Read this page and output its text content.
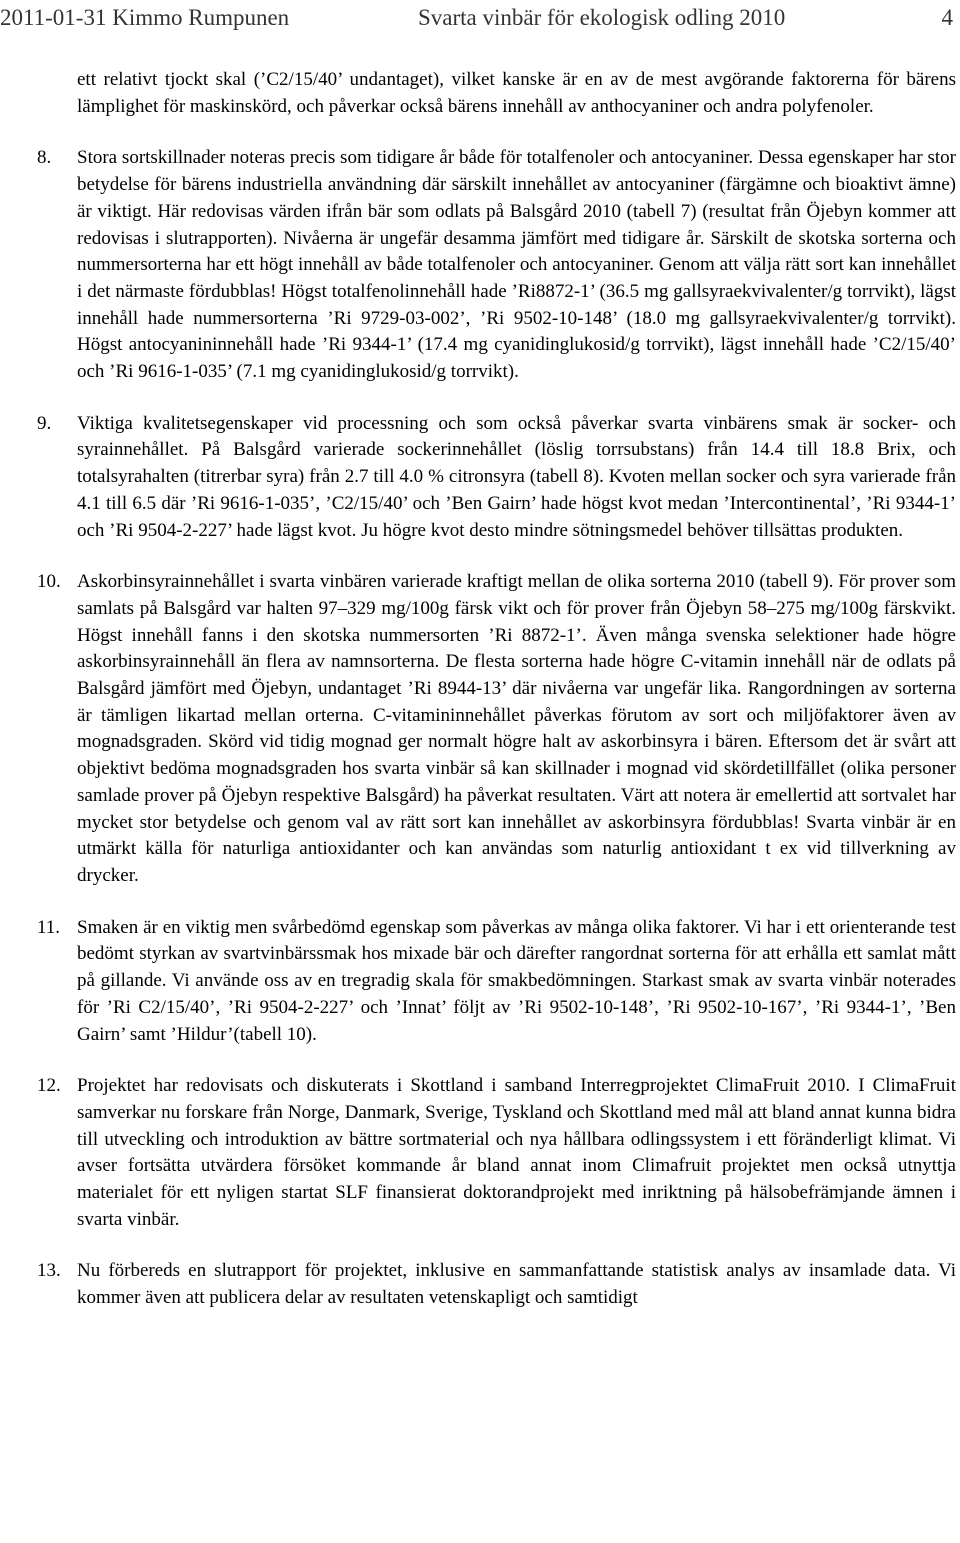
2011-01-31 Kimmo Rumpunen	Svarta vinbär för ekologisk odling 2010	4

ett relativt tjockt skal (’C2/15/40’ undantaget), vilket kanske är en av de mest avgörande faktorerna för bärens lämplighet för maskinskörd, och påverkar också bärens innehåll av anthocyaniner och andra polyfenoler.

8.	Stora sortskillnader noteras precis som tidigare år både för totalfenoler och antocyaniner. Dessa egenskaper har stor betydelse för bärens industriella användning där särskilt innehållet av antocyaniner (färgämne och bioaktivt ämne) är viktigt. Här redovisas värden ifrån bär som odlats på Balsgård 2010 (tabell 7) (resultat från Öjebyn kommer att redovisas i slutrapporten). Nivåerna är ungefär desamma jämfört med tidigare år. Särskilt de skotska sorterna och nummersorterna har ett högt innehåll av både totalfenoler och antocyaniner. Genom att välja rätt sort kan innehållet i det närmaste fördubblas! Högst totalfenolinnehåll hade ’Ri8872-1’ (36.5 mg gallsyraekvivalenter/g torrvikt), lägst innehåll hade nummersorterna ’Ri 9729-03-002’, ’Ri 9502-10-148’ (18.0 mg gallsyraekvivalenter/g torrvikt). Högst antocyanininnehåll hade ’Ri 9344-1’ (17.4 mg cyanidinglukosid/g torrvikt), lägst innehåll hade ’C2/15/40’ och ’Ri 9616-1-035’ (7.1 mg cyanidinglukosid/g torrvikt).

9.	Viktiga kvalitetsegenskaper vid processning och som också påverkar svarta vinbärens smak är socker- och syrainnehållet. På Balsgård varierade sockerinnehållet (löslig torrsubstans) från 14.4 till 18.8 Brix, och totalsyrahalten (titrerbar syra) från 2.7 till 4.0 % citronsyra (tabell 8). Kvoten mellan socker och syra varierade från 4.1 till 6.5 där ’Ri 9616-1-035’, ’C2/15/40’ och ’Ben Gairn’ hade högst kvot medan ’Intercontinental’, ’Ri 9344-1’ och ’Ri 9504-2-227’ hade lägst kvot. Ju högre kvot desto mindre sötningsmedel behöver tillsättas produkten.

10. Askorbinsyrainnehållet i svarta vinbären varierade kraftigt mellan de olika sorterna 2010 (tabell 9). För prover som samlats på Balsgård var halten 97–329 mg/100g färsk vikt och för prover från Öjebyn 58–275 mg/100g färskvikt. Högst innehåll fanns i den skotska nummersorten ’Ri 8872-1’. Även många svenska selektioner hade högre askorbinsyrainnehåll än flera av namnsorterna. De flesta sorterna hade högre C-vitamin innehåll när de odlats på Balsgård jämfört med Öjebyn, undantaget ’Ri 8944-13’ där nivåerna var ungefär lika. Rangordningen av sorterna är tämligen likartad mellan orterna. C-vitamininnehållet påverkas förutom av sort och miljöfaktorer även av mognadsgraden. Skörd vid tidig mognad ger normalt högre halt av askorbinsyra i bären. Eftersom det är svårt att objektivt bedöma mognadsgraden hos svarta vinbär så kan skillnader i mognad vid skördetillfället (olika personer samlade prover på Öjebyn respektive Balsgård) ha påverkat resultaten. Värt att notera är emellertid att sortvalet har mycket stor betydelse och genom val av rätt sort kan innehållet av askorbinsyra fördubblas! Svarta vinbär är en utmärkt källa för naturliga antioxidanter och kan användas som naturlig antioxidant t ex vid tillverkning av drycker.

11. Smaken är en viktig men svårbedömd egenskap som påverkas av många olika faktorer. Vi har i ett orienterande test bedömt styrkan av svartvinbärssmak hos mixade bär och därefter rangordnat sorterna för att erhålla ett samlat mått på gillande. Vi använde oss av en tregradig skala för smakbedömningen. Starkast smak av svarta vinbär noterades för ’Ri C2/15/40’, ’Ri 9504-2-227’ och ’Innat’ följt av ’Ri 9502-10-148’, ’Ri 9502-10-167’, ’Ri 9344-1’, ’Ben Gairn’ samt ’Hildur’(tabell 10).

12. Projektet har redovisats och diskuterats i Skottland i samband Interregprojektet ClimaFruit 2010. I ClimaFruit samverkar nu forskare från Norge, Danmark, Sverige, Tyskland och Skottland med mål att bland annat kunna bidra till utveckling och introduktion av bättre sortmaterial och nya hållbara odlingssystem i ett föränderligt klimat. Vi avser fortsätta utvärdera försöket kommande år bland annat inom Climafruit projektet men också utnyttja materialet för ett nyligen startat SLF finansierat doktorandprojekt med inriktning på hälsobefrämjande ämnen i svarta vinbär.

13. Nu förbereds en slutrapport för projektet, inklusive en sammanfattande statistisk analys av insamlade data. Vi kommer även att publicera delar av resultaten vetenskapligt och samtidigt
